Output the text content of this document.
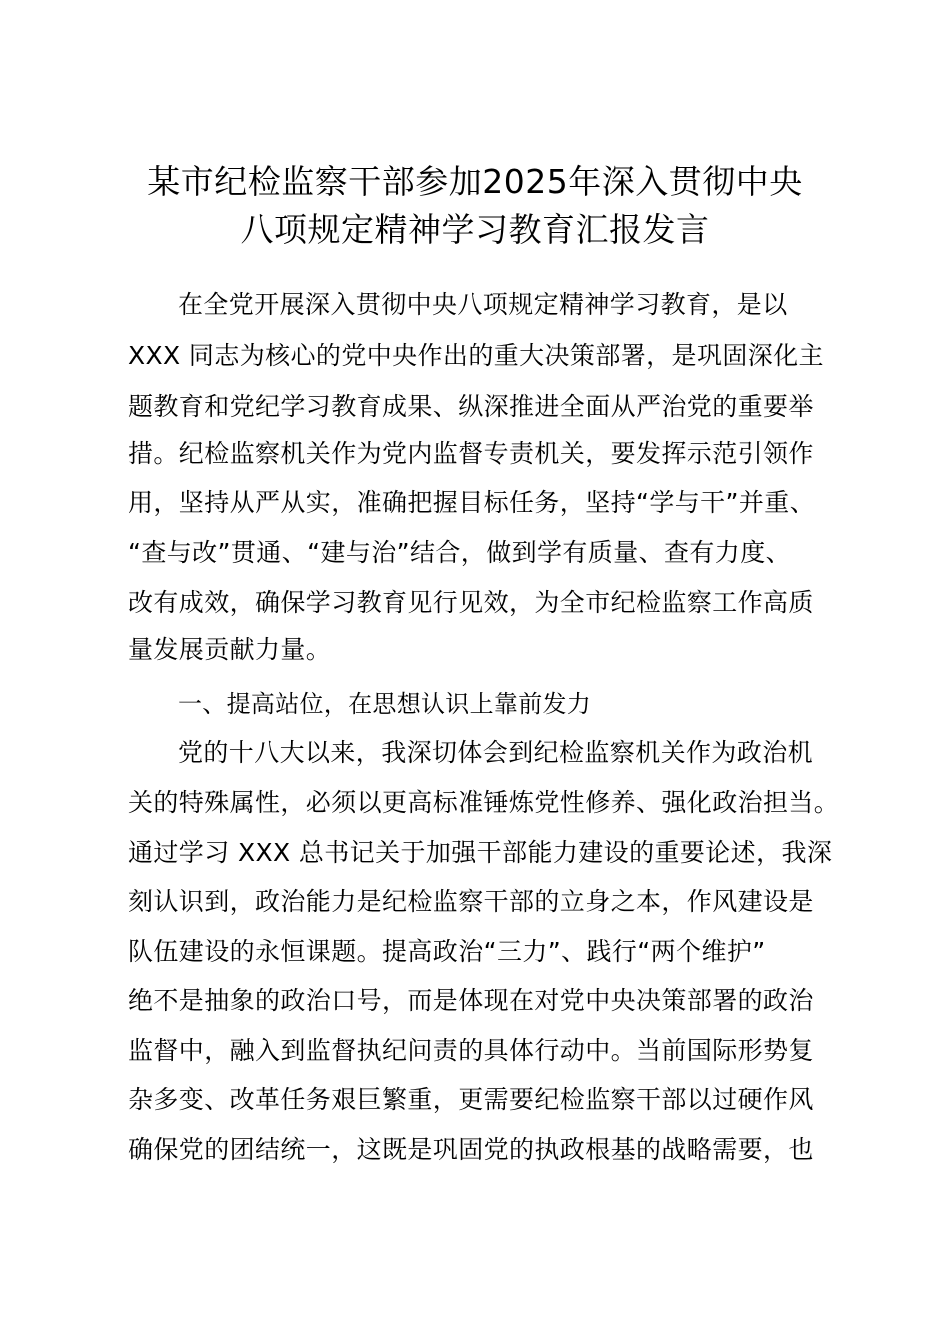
某市纪检监察干部参加2025年深入贯彻中央
八项规定精神学习教育汇报发言
在全党开展深入贯彻中央八项规定精神学习教育，是以
XXX 同志为核心的党中央作出的重大决策部署，是巩固深化主
题教育和党纪学习教育成果、纵深推进全面从严治党的重要举
措。纪检监察机关作为党内监督专责机关，要发挥示范引领作
用，坚持从严从实，准确把握目标任务，坚持“学与干”并重、
“查与改”贯通、“建与治”结合，做到学有质量、查有力度、
改有成效，确保学习教育见行见效，为全市纪检监察工作高质
量发展贡献力量。
一、提高站位，在思想认识上靠前发力
党的十八大以来，我深切体会到纪检监察机关作为政治机
关的特殊属性，必须以更高标准锤炼党性修养、强化政治担当。
通过学习 XXX 总书记关于加强干部能力建设的重要论述，我深
刻认识到，政治能力是纪检监察干部的立身之本，作风建设是
队伍建设的永恒课题。提高政治“三力”、践行“两个维护”
绝不是抽象的政治口号，而是体现在对党中央决策部署的政治
监督中，融入到监督执纪问责的具体行动中。当前国际形势复
杂多变、改革任务艰巨繁重，更需要纪检监察干部以过硬作风
确保党的团结统一，这既是巩固党的执政根基的战略需要，也
